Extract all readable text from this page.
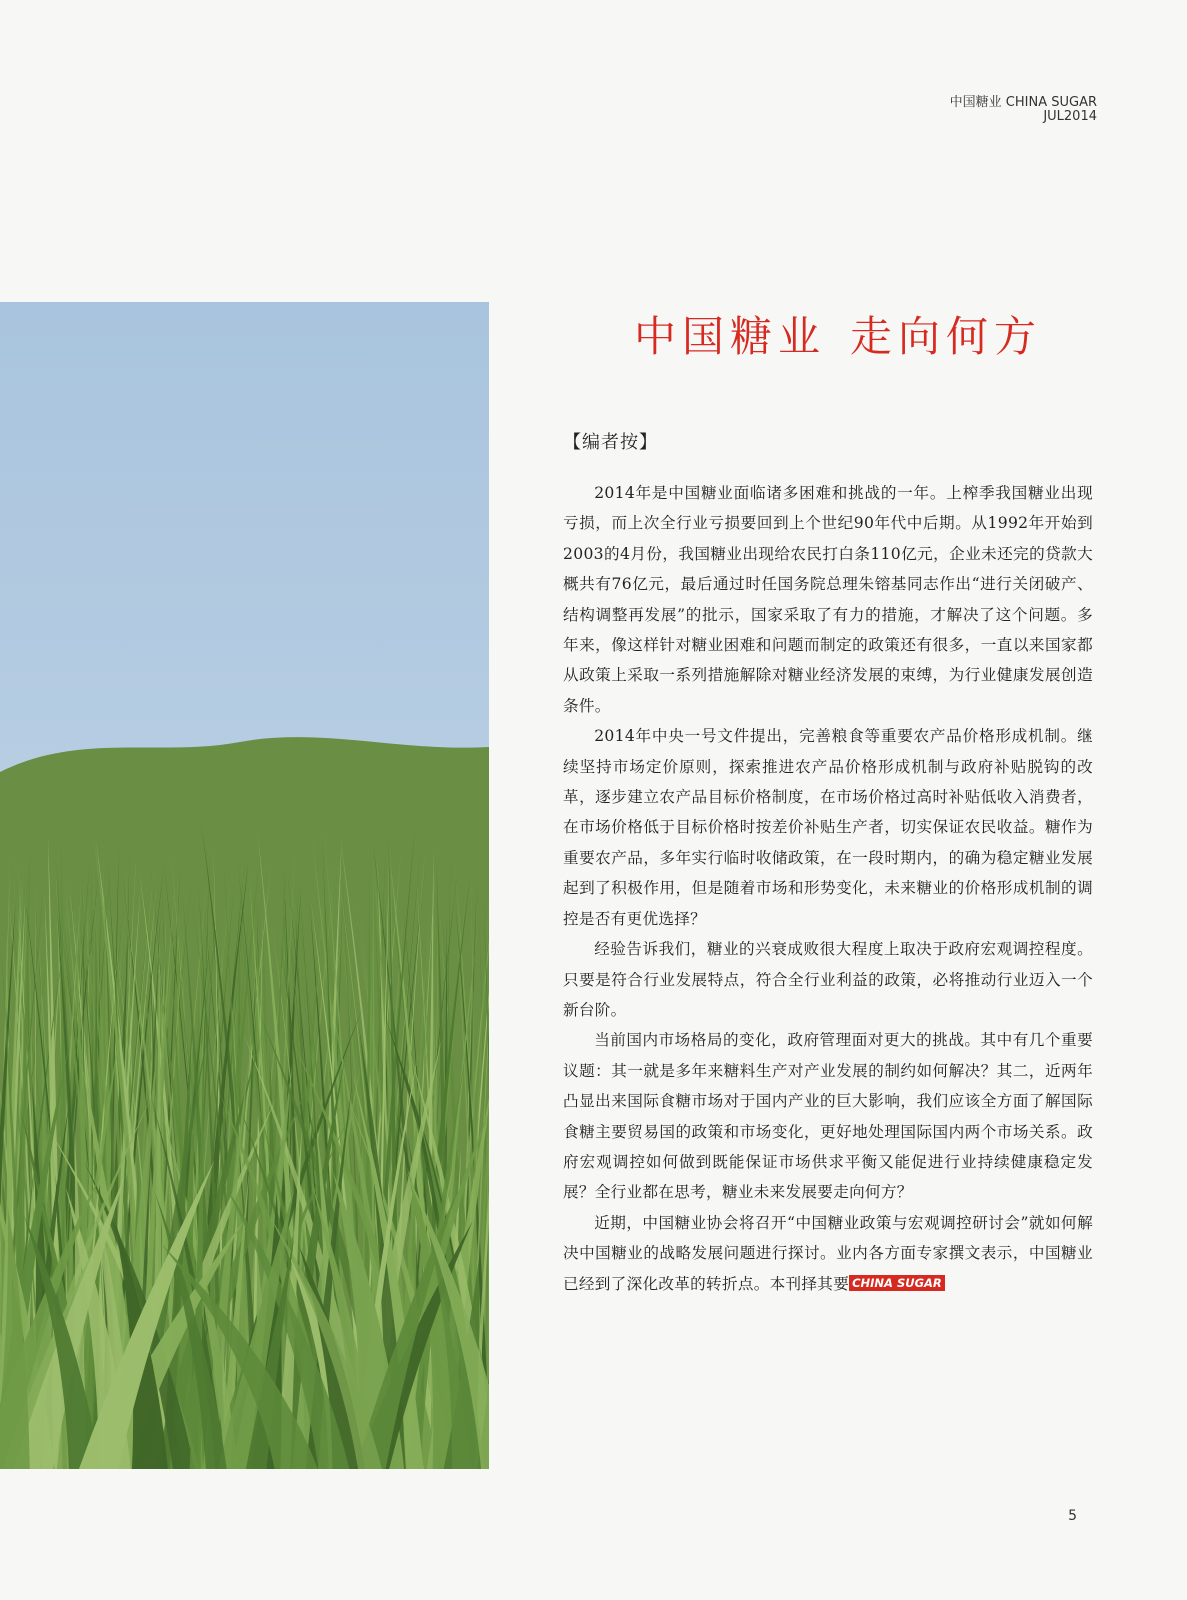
中国糖业 CHINA SUGAR
JUL2014
中国糖业 走向何方
【编者按】

2014年是中国糖业面临诸多困难和挑战的一年。上榨季我国糖业出现亏损，而上次全行业亏损要回到上个世纪90年代中后期。从1992年开始到2003的4月份，我国糖业出现给农民打白条110亿元，企业未还完的贷款大概共有76亿元，最后通过时任国务院总理朱镕基同志作出“进行关闭破产、结构调整再发展”的批示，国家采取了有力的措施，才解决了这个问题。多年来，像这样针对糖业困难和问题而制定的政策还有很多，一直以来国家都从政策上采取一系列措施解除对糖业经济发展的束缚，为行业健康发展创造条件。

2014年中央一号文件提出，完善粮食等重要农产品价格形成机制。继续坚持市场定价原则，探索推进农产品价格形成机制与政府补贴脱钩的改革，逐步建立农产品目标价格制度，在市场价格过高时补贴低收入消费者，在市场价格低于目标价格时按差价补贴生产者，切实保证农民收益。糖作为重要农产品，多年实行临时收储政策，在一段时期内，的确为稳定糖业发展起到了积极作用，但是随着市场和形势变化，未来糖业的价格形成机制的调控是否有更优选择？

经验告诉我们，糖业的兴衰成败很大程度上取决于政府宏观调控程度。只要是符合行业发展特点，符合全行业利益的政策，必将推动行业迈入一个新台阶。

当前国内市场格局的变化，政府管理面对更大的挑战。其中有几个重要议题：其一就是多年来糖料生产对产业发展的制约如何解决？其二，近两年凸显出来国际食糖市场对于国内产业的巨大影响，我们应该全方面了解国际食糖主要贸易国的政策和市场变化，更好地处理国际国内两个市场关系。政府宏观调控如何做到既能保证市场供求平衡又能促进行业持续健康稳定发展？全行业都在思考，糖业未来发展要走向何方？

近期，中国糖业协会将召开“中国糖业政策与宏观调控研讨会”就如何解决中国糖业的战略发展问题进行探讨。业内各方面专家撰文表示，中国糖业已经到了深化改革的转折点。本刊择其要 CHINA SUGAR

5
